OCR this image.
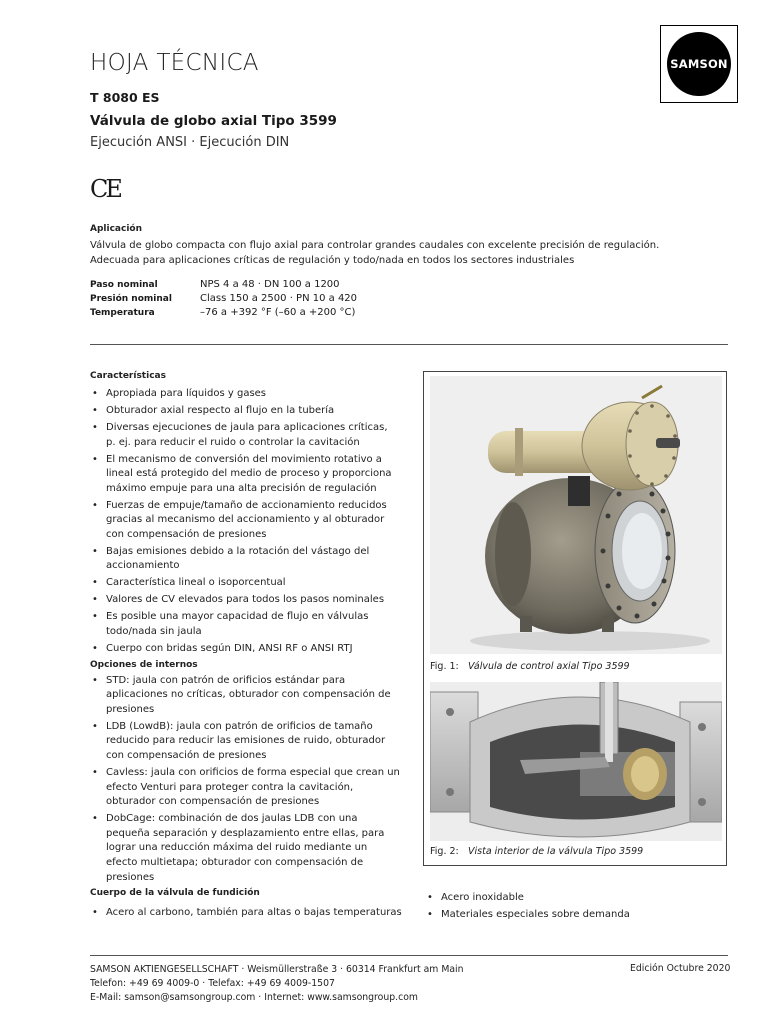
HOJA TÉCNICA
T 8080 ES
Válvula de globo axial Tipo 3599
Ejecución ANSI · Ejecución DIN
SAMSON
CE
Aplicación
Válvula de globo compacta con flujo axial para controlar grandes caudales con excelente precisión de regulación.
Adecuada para aplicaciones críticas de regulación y todo/nada en todos los sectores industriales
Paso nominal
Presión nominal
Temperatura
NPS 4 a 48 · DN 100 a 1200
Class 150 a 2500 · PN 10 a 420
–76 a +392 °F (–60 a +200 °C)
Características
• Apropiada para líquidos y gases
• Obturador axial respecto al flujo en la tubería
• Diversas ejecuciones de jaula para aplicaciones críticas, p. ej. para reducir el ruido o controlar la cavitación
• El mecanismo de conversión del movimiento rotativo a lineal está protegido del medio de proceso y proporciona máximo empuje para una alta precisión de regulación
• Fuerzas de empuje/tamaño de accionamiento reducidos gracias al mecanismo del accionamiento y al obturador con compensación de presiones
• Bajas emisiones debido a la rotación del vástago del accionamiento
• Característica lineal o isoporcentual
• Valores de CV elevados para todos los pasos nominales
• Es posible una mayor capacidad de flujo en válvulas todo/nada sin jaula
• Cuerpo con bridas según DIN, ANSI RF o ANSI RTJ
Opciones de internos
• STD: jaula con patrón de orificios estándar para aplicaciones no críticas, obturador con compensación de presiones
• LDB (LowdB): jaula con patrón de orificios de tamaño reducido para reducir las emisiones de ruido, obturador con compensación de presiones
• Cavless: jaula con orificios de forma especial que crean un efecto Venturi para proteger contra la cavitación, obturador con compensación de presiones
• DobCage: combinación de dos jaulas LDB con una pequeña separación y desplazamiento entre ellas, para lograr una reducción máxima del ruido mediante un efecto multietapa; obturador con compensación de presiones
Fig. 1: Válvula de control axial Tipo 3599
Fig. 2: Vista interior de la válvula Tipo 3599
Cuerpo de la válvula de fundición
• Acero al carbono, también para altas o bajas temperaturas
• Acero inoxidable
• Materiales especiales sobre demanda
SAMSON AKTIENGESELLSCHAFT · Weismüllerstraße 3 · 60314 Frankfurt am Main
Telefon: +49 69 4009-0 · Telefax: +49 69 4009-1507
E-Mail: samson@samsongroup.com · Internet: www.samsongroup.com
Edición Octubre 2020
